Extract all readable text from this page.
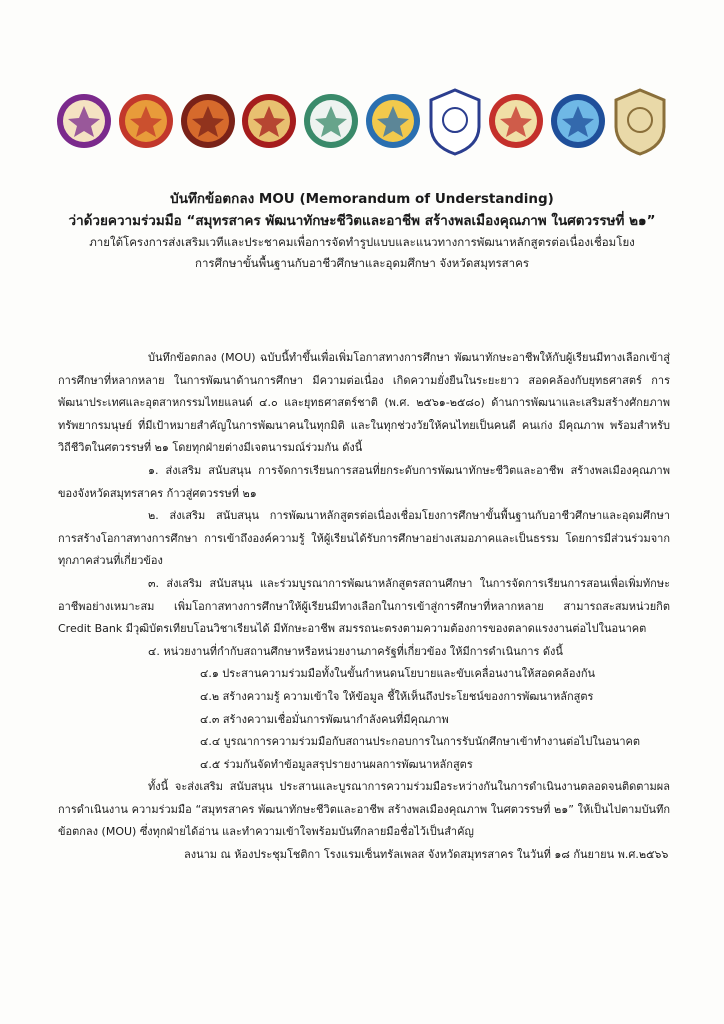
บันทึกข้อตกลง MOU (Memorandum of Understanding)
ว่าด้วยความร่วมมือ “สมุทรสาคร พัฒนาทักษะชีวิตและอาชีพ สร้างพลเมืองคุณภาพ ในศตวรรษที่ ๒๑”
ภายใต้โครงการส่งเสริมเวทีและประชาคมเพื่อการจัดทำรูปแบบและแนวทางการพัฒนาหลักสูตรต่อเนื่องเชื่อมโยง
การศึกษาขั้นพื้นฐานกับอาชีวศึกษาและอุดมศึกษา จังหวัดสมุทรสาคร

บันทึกข้อตกลง (MOU) ฉบับนี้ทำขึ้นเพื่อเพิ่มโอกาสทางการศึกษา พัฒนาทักษะอาชีพให้กับผู้เรียนมีทางเลือกเข้าสู่การศึกษาที่หลากหลาย ในการพัฒนาด้านการศึกษา มีความต่อเนื่อง เกิดความยั่งยืนในระยะยาว สอดคล้องกับยุทธศาสตร์ การพัฒนาประเทศและอุตสาหกรรมไทยแลนด์ ๔.๐ และยุทธศาสตร์ชาติ (พ.ศ. ๒๕๖๑-๒๕๘๐) ด้านการพัฒนาและเสริมสร้างศักยภาพทรัพยากรมนุษย์ ที่มีเป้าหมายสำคัญในการพัฒนาคนในทุกมิติ และในทุกช่วงวัยให้คนไทยเป็นคนดี คนเก่ง มีคุณภาพ พร้อมสำหรับวิถีชีวิตในศตวรรษที่ ๒๑ โดยทุกฝ่ายต่างมีเจตนารมณ์ร่วมกัน ดังนี้

๑. ส่งเสริม สนับสนุน การจัดการเรียนการสอนที่ยกระดับการพัฒนาทักษะชีวิตและอาชีพ สร้างพลเมืองคุณภาพของจังหวัดสมุทรสาคร ก้าวสู่ศตวรรษที่ ๒๑

๒. ส่งเสริม สนับสนุน การพัฒนาหลักสูตรต่อเนื่องเชื่อมโยงการศึกษาขั้นพื้นฐานกับอาชีวศึกษาและอุดมศึกษา การสร้างโอกาสทางการศึกษา การเข้าถึงองค์ความรู้ ให้ผู้เรียนได้รับการศึกษาอย่างเสมอภาคและเป็นธรรม โดยการมีส่วนร่วมจากทุกภาคส่วนที่เกี่ยวข้อง

๓. ส่งเสริม สนับสนุน และร่วมบูรณาการพัฒนาหลักสูตรสถานศึกษา ในการจัดการเรียนการสอนเพื่อเพิ่มทักษะอาชีพอย่างเหมาะสม เพิ่มโอกาสทางการศึกษาให้ผู้เรียนมีทางเลือกในการเข้าสู่การศึกษาที่หลากหลาย สามารถสะสมหน่วยกิต Credit Bank มีวุฒิบัตรเทียบโอนวิชาเรียนได้ มีทักษะอาชีพ สมรรถนะตรงตามความต้องการของตลาดแรงงานต่อไปในอนาคต

๔. หน่วยงานที่กำกับสถานศึกษาหรือหน่วยงานภาครัฐที่เกี่ยวข้อง ให้มีการดำเนินการ ดังนี้

๔.๑ ประสานความร่วมมือทั้งในขั้นกำหนดนโยบายและขับเคลื่อนงานให้สอดคล้องกัน
๔.๒ สร้างความรู้ ความเข้าใจ ให้ข้อมูล ชี้ให้เห็นถึงประโยชน์ของการพัฒนาหลักสูตร
๔.๓ สร้างความเชื่อมั่นการพัฒนากำลังคนที่มีคุณภาพ
๔.๔ บูรณาการความร่วมมือกับสถานประกอบการในการรับนักศึกษาเข้าทำงานต่อไปในอนาคต
๔.๕ ร่วมกันจัดทำข้อมูลสรุปรายงานผลการพัฒนาหลักสูตร

ทั้งนี้ จะส่งเสริม สนับสนุน ประสานและบูรณาการความร่วมมือระหว่างกันในการดำเนินงานตลอดจนติดตามผลการดำเนินงาน ความร่วมมือ “สมุทรสาคร พัฒนาทักษะชีวิตและอาชีพ สร้างพลเมืองคุณภาพ ในศตวรรษที่ ๒๑” ให้เป็นไปตามบันทึกข้อตกลง (MOU) ซึ่งทุกฝ่ายได้อ่าน และทำความเข้าใจพร้อมบันทึกลายมือชื่อไว้เป็นสำคัญ

ลงนาม ณ ห้องประชุมโชติกา โรงแรมเซ็นทรัลเพลส จังหวัดสมุทรสาคร ในวันที่ ๑๘ กันยายน พ.ศ.๒๕๖๖
